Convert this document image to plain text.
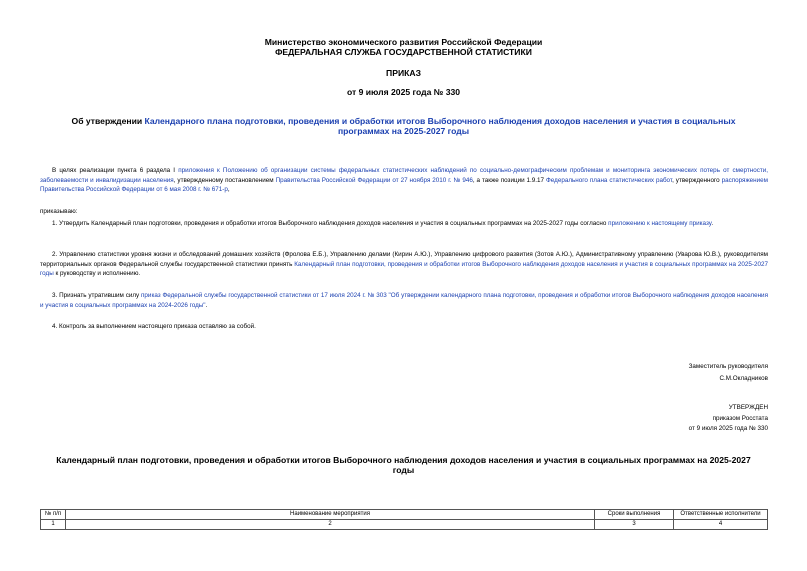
Министерство экономического развития Российской Федерации
ФЕДЕРАЛЬНАЯ СЛУЖБА ГОСУДАРСТВЕННОЙ СТАТИСТИКИ
ПРИКАЗ
от 9 июля 2025 года № 330
Об утверждении Календарного плана подготовки, проведения и обработки итогов Выборочного наблюдения доходов населения и участия в социальных
программах на 2025-2027 годы
В целях реализации пункта 6 раздела I приложения к Положению об организации системы федеральных статистических наблюдений по социально-демографическим проблемам и мониторинга экономических потерь от смертности, заболеваемости и инвалидизации населения, утвержденному постановлением Правительства Российской Федерации от 27 ноября 2010 г. № 946, а также позиции 1.9.17 Федерального плана статистических работ, утвержденного распоряжением Правительства Российской Федерации от 6 мая 2008 г. № 671-р,
приказываю:
1. Утвердить Календарный план подготовки, проведения и обработки итогов Выборочного наблюдения доходов населения и участия в социальных программах на 2025-2027 годы согласно приложению к настоящему приказу.
2. Управлению статистики уровня жизни и обследований домашних хозяйств (Фролова Е.Б.), Управлению делами (Кирин А.Ю.), Управлению цифрового развития (Зотов А.Ю.), Административному управлению (Уварова Ю.В.), руководителям территориальных органов Федеральной службы государственной статистики принять Календарный план подготовки, проведения и обработки итогов Выборочного наблюдения доходов населения и участия в социальных программах на 2025-2027 годы к руководству и исполнению.
3. Признать утратившим силу приказ Федеральной службы государственной статистики от 17 июля 2024 г. № 303 "Об утверждении календарного плана подготовки, проведения и обработки итогов Выборочного наблюдения доходов населения и участия в социальных программах на 2024-2026 годы".
4. Контроль за выполнением настоящего приказа оставляю за собой.
Заместитель руководителя
С.М.Окладников
УТВЕРЖДЕН
приказом Росстата
от 9 июля 2025 года № 330
Календарный план подготовки, проведения и обработки итогов Выборочного наблюдения доходов населения и участия в социальных программах на 2025-2027
годы
№ п/п	Наименование мероприятия	Сроки выполнения	Ответственные исполнители
1	2	3	4
